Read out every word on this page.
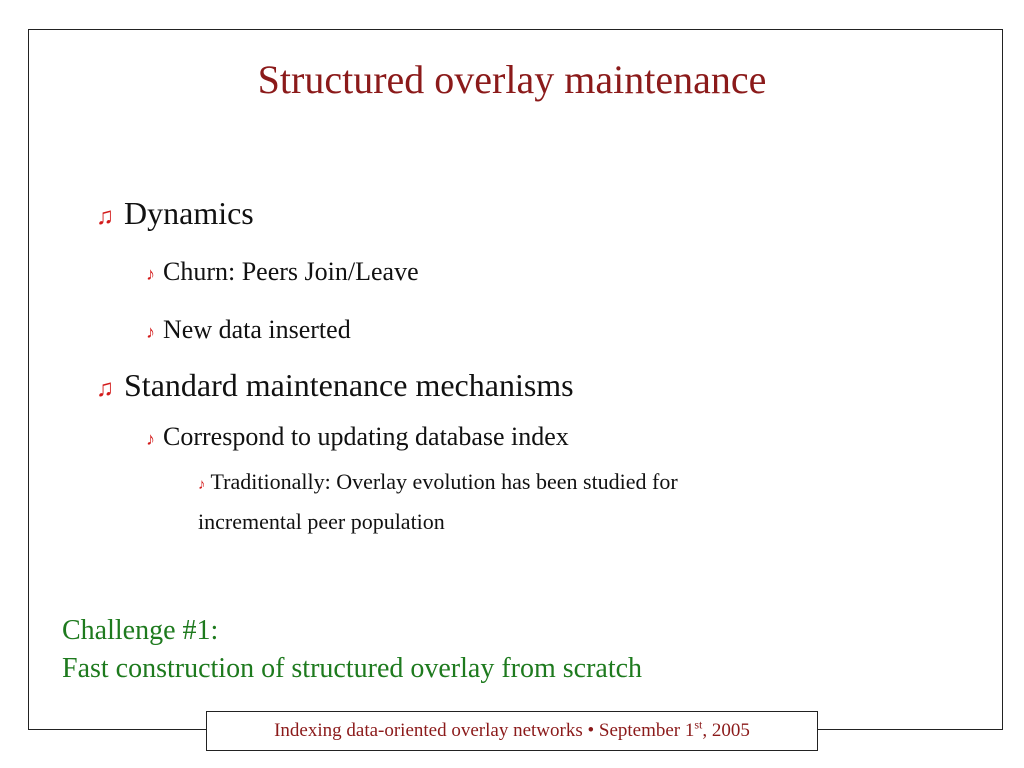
Structured overlay maintenance
♫ Dynamics
♪ Churn: Peers Join/Leave
♪ New data inserted
♫ Standard maintenance mechanisms
♪ Correspond to updating database index
♪ Traditionally: Overlay evolution has been studied for
incremental peer population
Challenge #1:
Fast construction of structured overlay from scratch
Indexing data-oriented overlay networks • September 1st, 2005
